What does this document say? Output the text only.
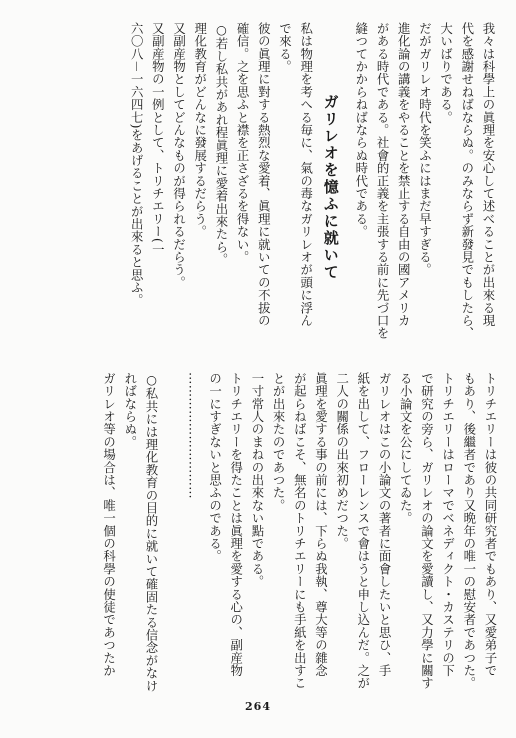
我々は科學上の眞理を安心して述べることが出來る現
代を感謝せねばならぬ。のみならず新發見でもしたら、
大いばりである。
だがガリレオ時代を笑ふにはまだ早すぎる。
進化論の講義をやることを禁止する自由の國アメリカ
がある時代である。社會的正義を主張する前に先づ口を
縫つてかからねばならぬ時代である。
ガリレオを憶ふに就いて
私は物理を考へる毎に、氣の毒なガリレオが頭に浮ん
で來る。
彼の眞理に對する熱烈な愛着、眞理に就いての不拔の
確信。之を思ふと襟を正さざるを得ない。
○若し私共があれ程眞理に愛着出來たら。
理化教育がどんなに發展するだらう。
又副産物としてどんなものが得られるだらう。
又副産物の一例として、トリチエリー(一
六〇八－一六四七)をあげることが出來ると思ふ。
トリチエリーは彼の共同研究者でもあり、又愛弟子で
もあり、後繼者であり又晩年の唯一の慰安者であつた。
トリチエリーはローマでベネディクト・カステリの下
で研究の旁ら、ガリレオの論文を愛讀し、又力學に關す
る小論文を公にしてゐた。
ガリレオはこの小論文の著者に面會したいと思ひ、手
紙を出して、フローレンスで會はうと申し込んだ。之が
二人の關係の出來初めだつた。
眞理を愛する事の前には、下らぬ我執、尊大等の雜念
が起らねばこそ、無名のトリチエリーにも手紙を出すこ
とが出來たのであつた。
一寸常人のまねの出來ない點である。
トリチエリーを得たことは眞理を愛する心の、副産物
の一にすぎないと思ふのである。
…………………………
○私共には理化教育の目的に就いて確固たる信念がなけ
ればならぬ。
ガリレオ等の場合は、唯一個の科學の使徒であつたか
264
